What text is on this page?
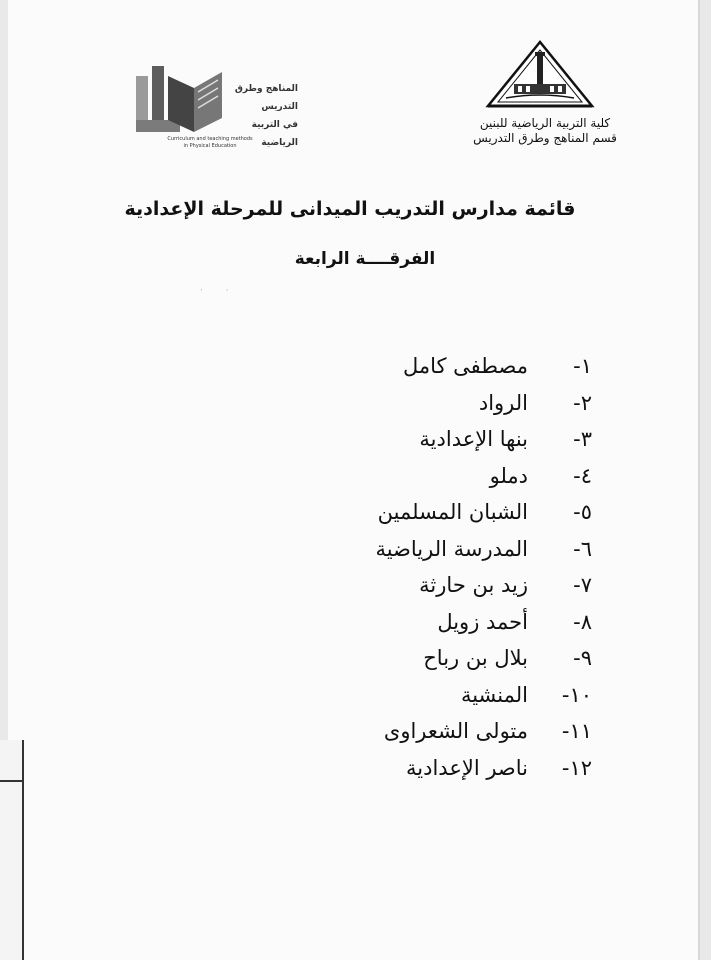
كلية التربية الرياضية للبنين
قسم المناهج وطرق التدريس
المناهج وطرق التدريس
في التربية الرياضية
Curriculum and teaching methods
in Physical Education
قائمة مدارس التدريب الميدانى للمرحلة الإعدادية
الفرقــــة الرابعة
·        ·
١-
مصطفى كامل
٢-
الرواد
٣-
بنها الإعدادية
٤-
دملو
٥-
الشبان المسلمين
٦-
المدرسة الرياضية
٧-
زيد بن حارثة
٨-
أحمد زويل
٩-
بلال بن رباح
١٠-
المنشية
١١-
متولى الشعراوى
١٢-
ناصر الإعدادية
